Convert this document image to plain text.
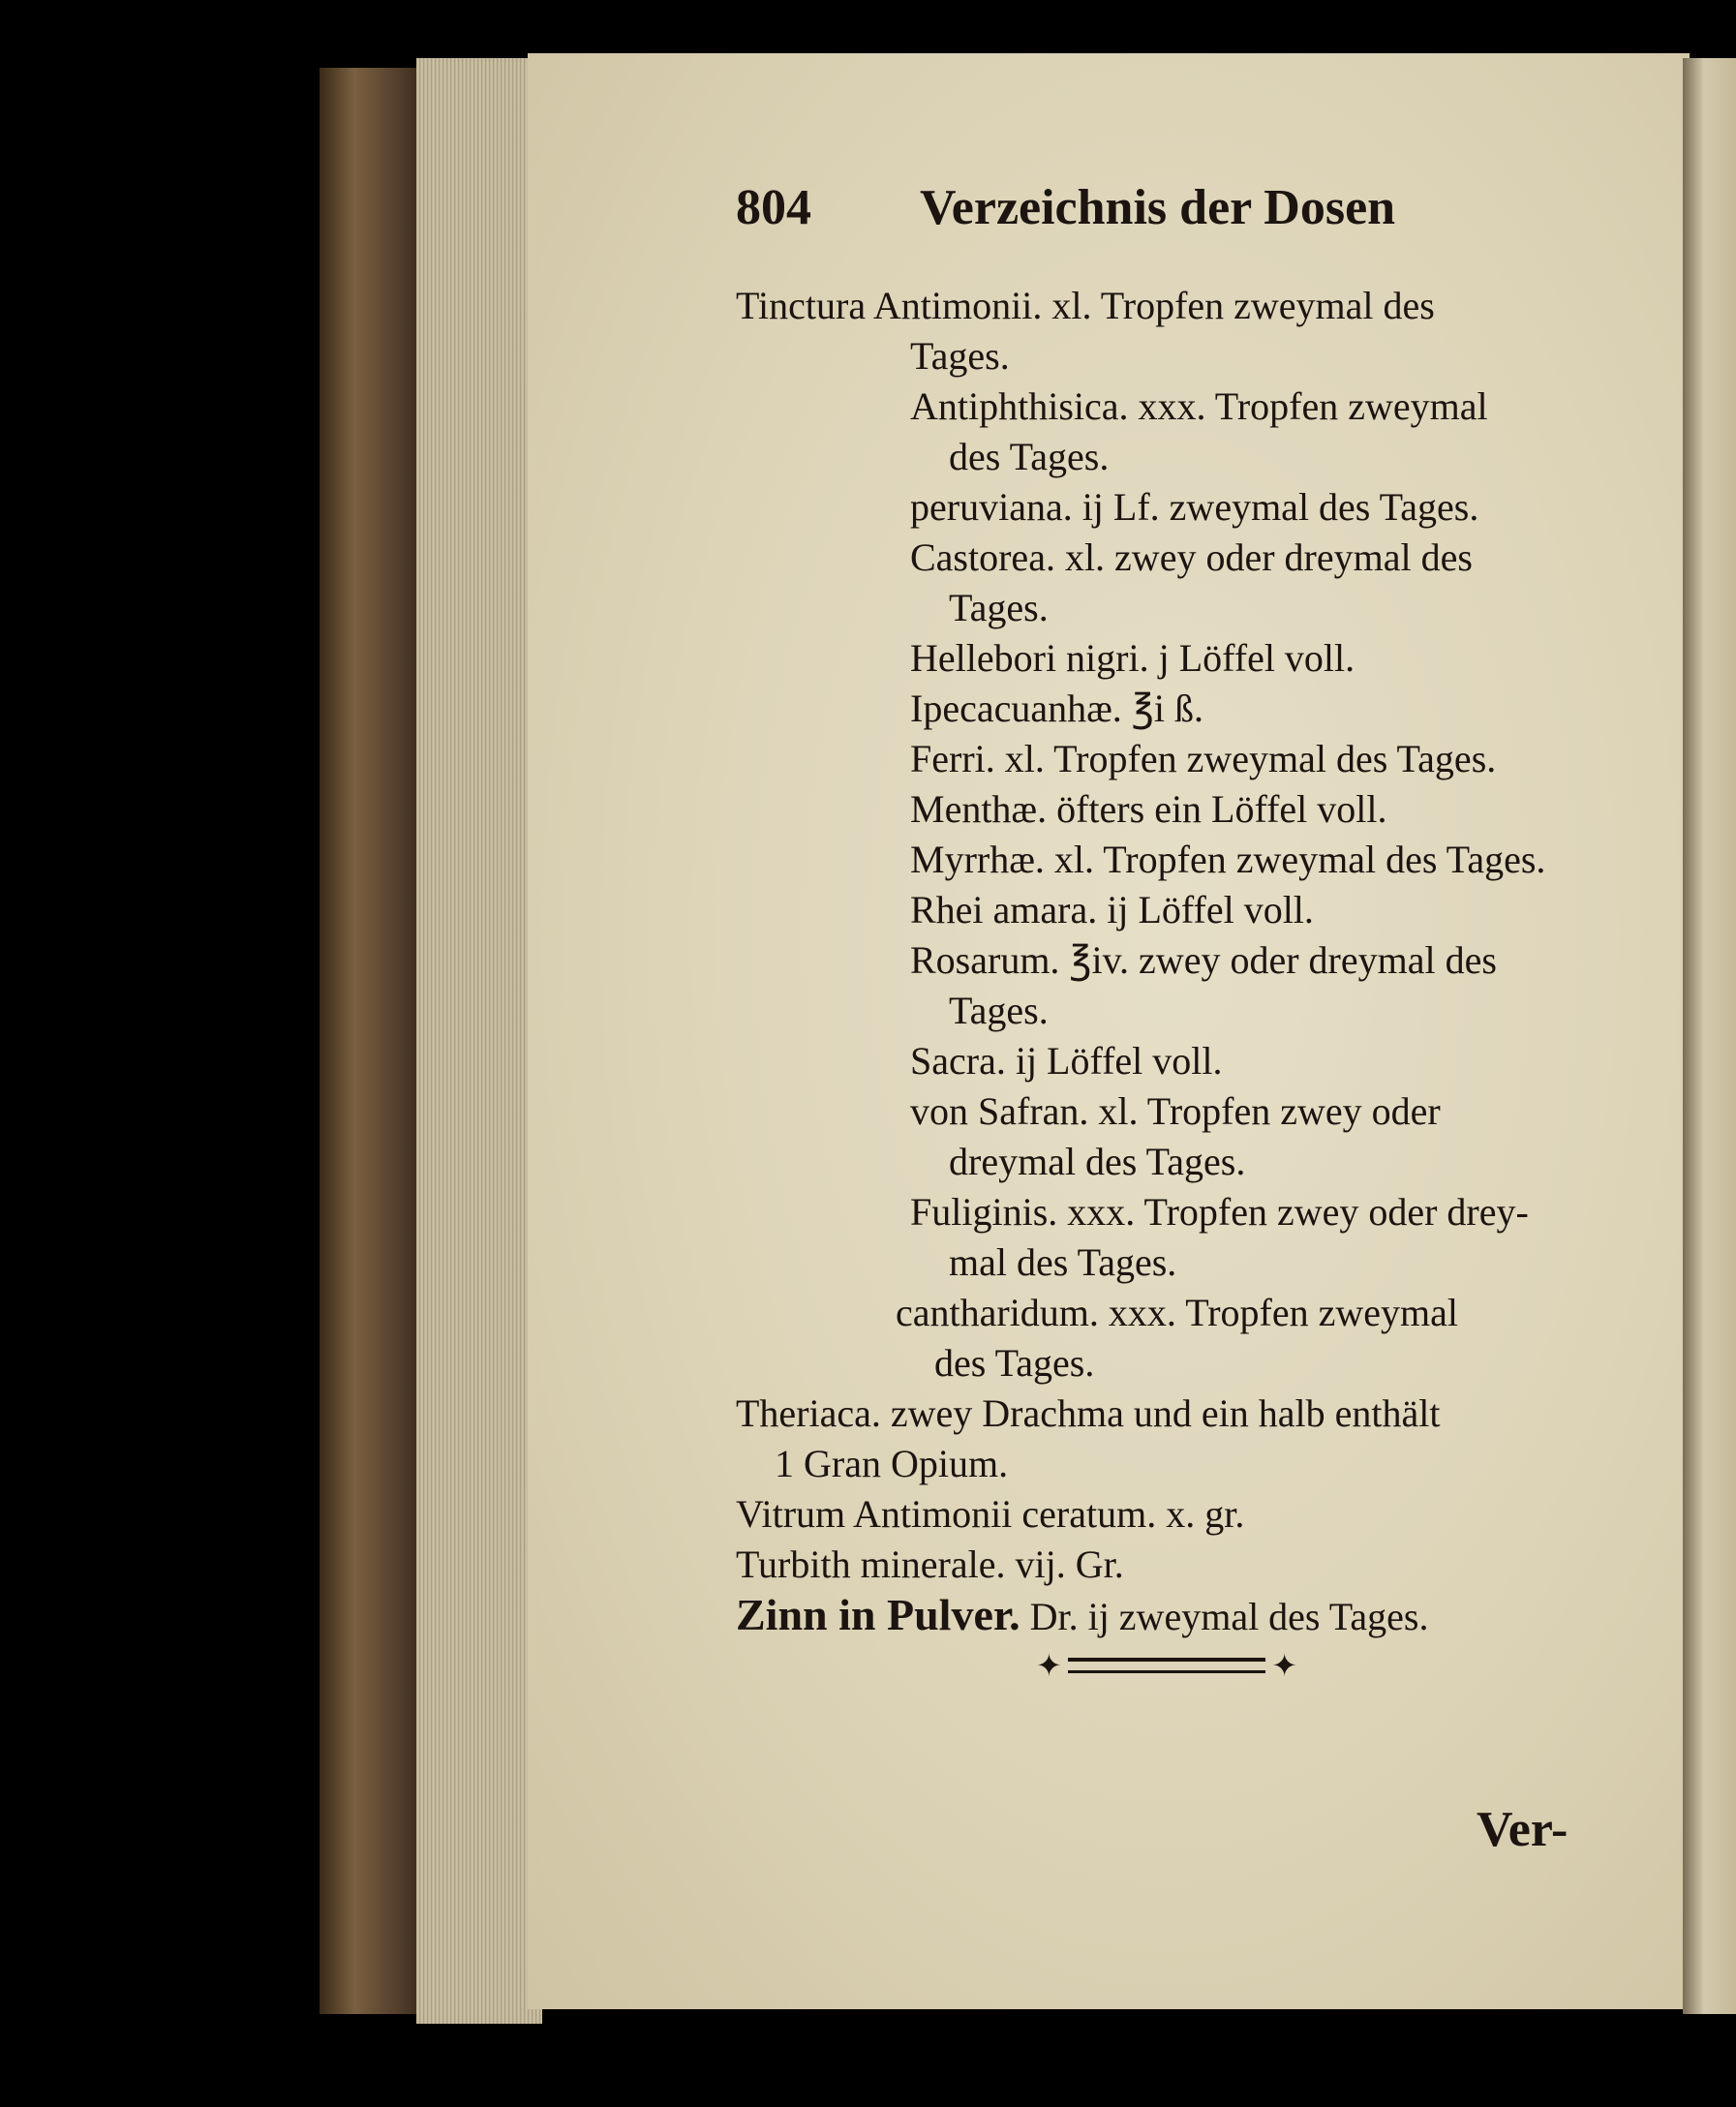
804 Verzeichnis der Dosen
Tinctura Antimonii. xl. Tropfen zweymal des
Tages.
Antiphthisica. xxx. Tropfen zweymal
des Tages.
peruviana. ij Lf. zweymal des Tages.
Castorea. xl. zwey oder dreymal des
Tages.
Hellebori nigri. j Löffel voll.
Ipecacuanhæ. ℥i ß.
Ferri. xl. Tropfen zweymal des Tages.
Menthæ. öfters ein Löffel voll.
Myrrhæ. xl. Tropfen zweymal des Tages.
Rhei amara. ij Löffel voll.
Rosarum. ℥iv. zwey oder dreymal des
Tages.
Sacra. ij Löffel voll.
von Safran. xl. Tropfen zwey oder
dreymal des Tages.
Fuliginis. xxx. Tropfen zwey oder drey-
mal des Tages.
cantharidum. xxx. Tropfen zweymal
des Tages.
Theriaca. zwey Drachma und ein halb enthält
1 Gran Opium.
Vitrum Antimonii ceratum. x. gr.
Turbith minerale. vij. Gr.
Zinn in Pulver. Dr. ij zweymal des Tages.
✦	✦
Ver-
